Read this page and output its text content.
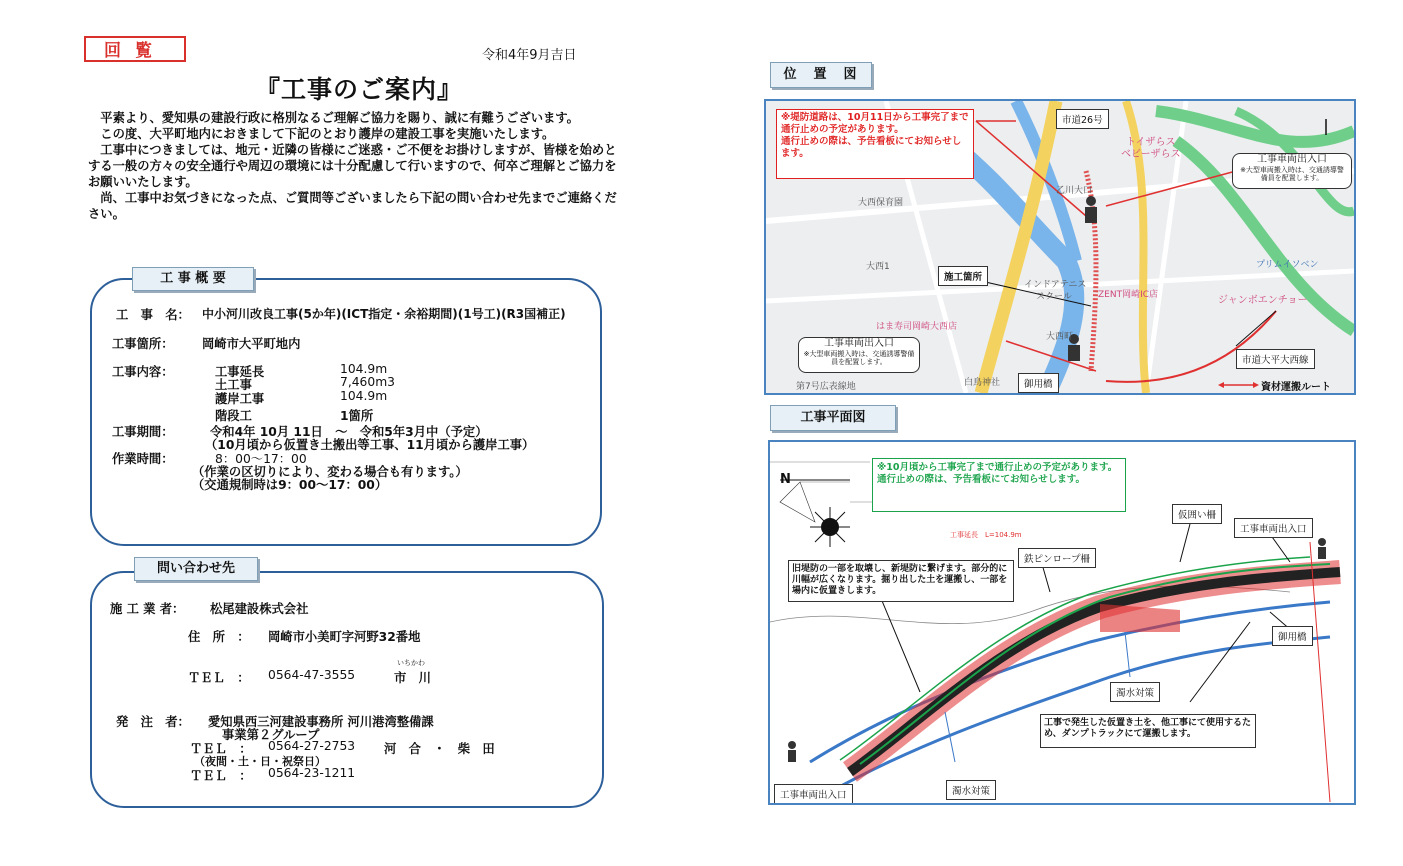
回覧	令和4年9月吉日
『工事のご案内』

　平素より、愛知県の建設行政に格別なるご理解ご協力を賜り、誠に有難うございます。

　この度、大平町地内におきまして下記のとおり護岸の建設工事を実施いたします。

　工事中につきましては、地元・近隣の皆様にご迷惑・ご不便をお掛けしますが、皆様を始めとする一般の方々の安全通行や周辺の環境には十分配慮して行いますので、何卒ご理解とご協力をお願いいたします。

　尚、工事中お気づきになった点、ご質問等ございましたら下記の問い合わせ先までご連絡ください。

工 事 概 要
工　事　名： 中小河川改良工事(5か年)(ICT指定・余裕期間)(1号工)(R3国補正)
工事箇所： 岡崎市大平町地内
工事内容：	工事延長	104.9m
土工事	7,460m3
護岸工事	104.9m
階段工	1箇所
工事期間：	令和4年 10月 11日　～　令和5年3月中（予定）
（10月頃から仮置き土搬出等工事、11月頃から護岸工事）
作業時間：	8：00～17：00
（作業の区切りにより、変わる場合も有ります。）
（交通規制時は9：00～17：00）
問い合わせ先
施 工 業 者： 松尾建設株式会社
住　所　： 岡崎市小美町字河野32番地
ＴＥＬ　： 0564-47-3555
いちかわ
市　川
発　注　者： 愛知県西三河建設事務所 河川港湾整備課
事業第２グループ
ＴＥＬ　： 0564-27-2753 河　合　・　柴　田
（夜間・土・日・祝祭日）
ＴＥＬ　： 0564-23-1211
位　置　図
※堤防道路は、10月11日から工事完了まで通行止めの予定があります。
通行止めの際は、予告看板にてお知らせします。
市道26号
工事車両出入口
※大型車両搬入時は、交通誘導警備員を配置します。
施工箇所
工事車両出入口
※大型車両搬入時は、交通誘導警備員を配置します。
御用橋
市道大平大西線
資材運搬ルート
トイザらス
ベビーザらス
大西保育園
大西1
インドアテニス
スクール	ZENT岡崎IC店
プリムイソベン
ジャンボエンチョー
はま寿司岡崎大西店
大西町
白鳥神社
第7号広表線地
乙川大口
工事平面図
N
※10月頃から工事完了まで通行止めの予定があります。
通行止めの際は、予告看板にてお知らせします。
工事延長　L=104.9m
鉄ピンロープ柵
仮囲い柵
工事車両出入口
御用橋
旧堤防の一部を取壊し、新堤防に繋げます。部分的に川幅が広くなります。掘り出した土を運搬し、一部を場内に仮置きします。
濁水対策
濁水対策
工事で発生した仮置き土を、他工事にて使用するため、ダンプトラックにて運搬します。
工事車両出入口
